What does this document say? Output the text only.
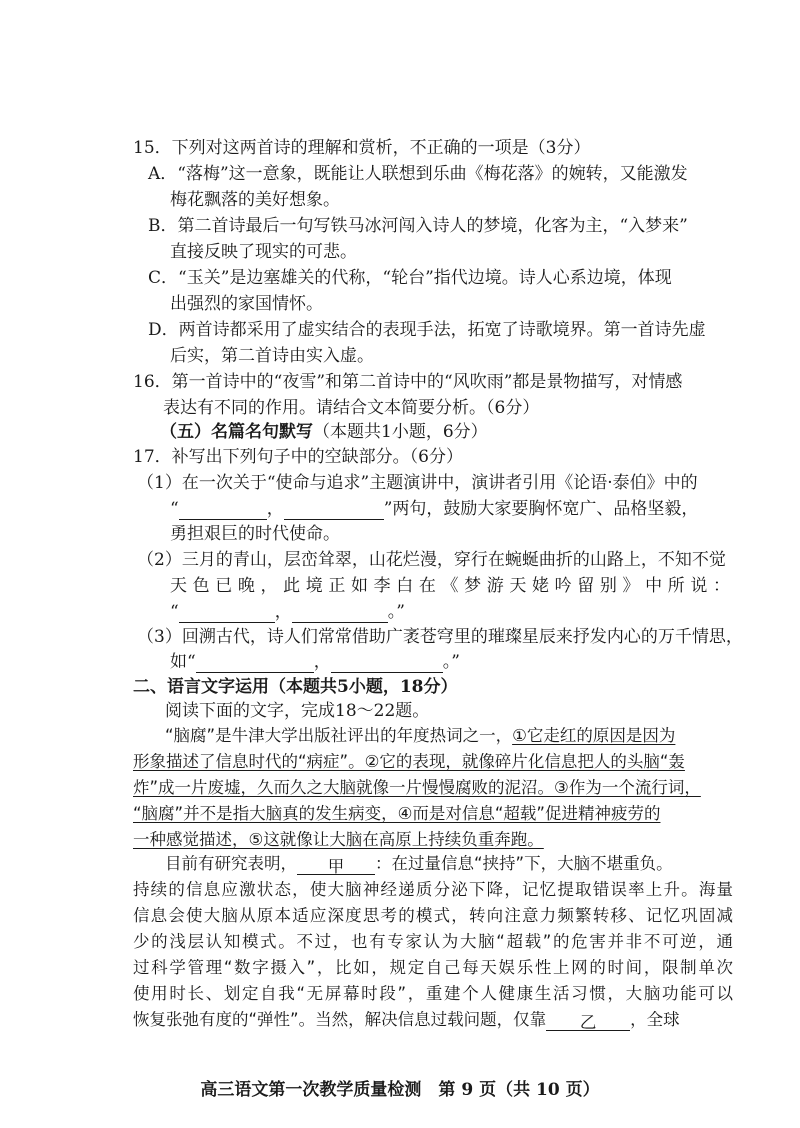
15．下列对这两首诗的理解和赏析，不正确的一项是（3分）
A．“落梅”这一意象，既能让人联想到乐曲《梅花落》的婉转，又能激发
梅花飘落的美好想象。
B．第二首诗最后一句写铁马冰河闯入诗人的梦境，化客为主，“入梦来”
直接反映了现实的可悲。
C．“玉关”是边塞雄关的代称，“轮台”指代边境。诗人心系边境，体现
出强烈的家国情怀。
D．两首诗都采用了虚实结合的表现手法，拓宽了诗歌境界。第一首诗先虚
后实，第二首诗由实入虚。
16．第一首诗中的“夜雪”和第二首诗中的“风吹雨”都是景物描写，对情感
表达有不同的作用。请结合文本简要分析。（6分）
（五）名篇名句默写（本题共1小题，6分）
17．补写出下列句子中的空缺部分。（6分）
（1）在一次关于“使命与追求”主题演讲中，演讲者引用《论语·泰伯》中的
“	，	”两句，鼓励大家要胸怀宽广、品格坚毅，
勇担艰巨的时代使命。
（2）三月的青山，层峦耸翠，山花烂漫，穿行在蜿蜒曲折的山路上，不知不觉
天色已晚，此境正如李白在《梦游天姥吟留别》中所说：
“	，	。”
（3）回溯古代，诗人们常常借助广袤苍穹里的璀璨星辰来抒发内心的万千情思，
如“	，	。”
二、语言文字运用（本题共5小题，18分）
阅读下面的文字，完成18～22题。
“脑腐”是牛津大学出版社评出的年度热词之一，①它走红的原因是因为
形象描述了信息时代的“病症”。②它的表现，就像碎片化信息把人的头脑“轰
炸”成一片废墟，久而久之大脑就像一片慢慢腐败的泥沼。③作为一个流行词，
“脑腐”并不是指大脑真的发生病变，④而是对信息“超载”促进精神疲劳的
一种感觉描述，⑤这就像让大脑在高原上持续负重奔跑。
目前有研究表明， 甲 ：在过量信息“挟持”下，大脑不堪重负。
持续的信息应激状态，使大脑神经递质分泌下降，记忆提取错误率上升。海量
信息会使大脑从原本适应深度思考的模式，转向注意力频繁转移、记忆巩固减
少的浅层认知模式。不过，也有专家认为大脑“超载”的危害并非不可逆，通
过科学管理“数字摄入”，比如，规定自己每天娱乐性上网的时间，限制单次
使用时长、划定自我“无屏幕时段”，重建个人健康生活习惯，大脑功能可以
恢复张弛有度的“弹性”。当然，解决信息过载问题，仅靠 乙 ，全球
高三语文第一次教学质量检测　第 9 页（共 10 页）
